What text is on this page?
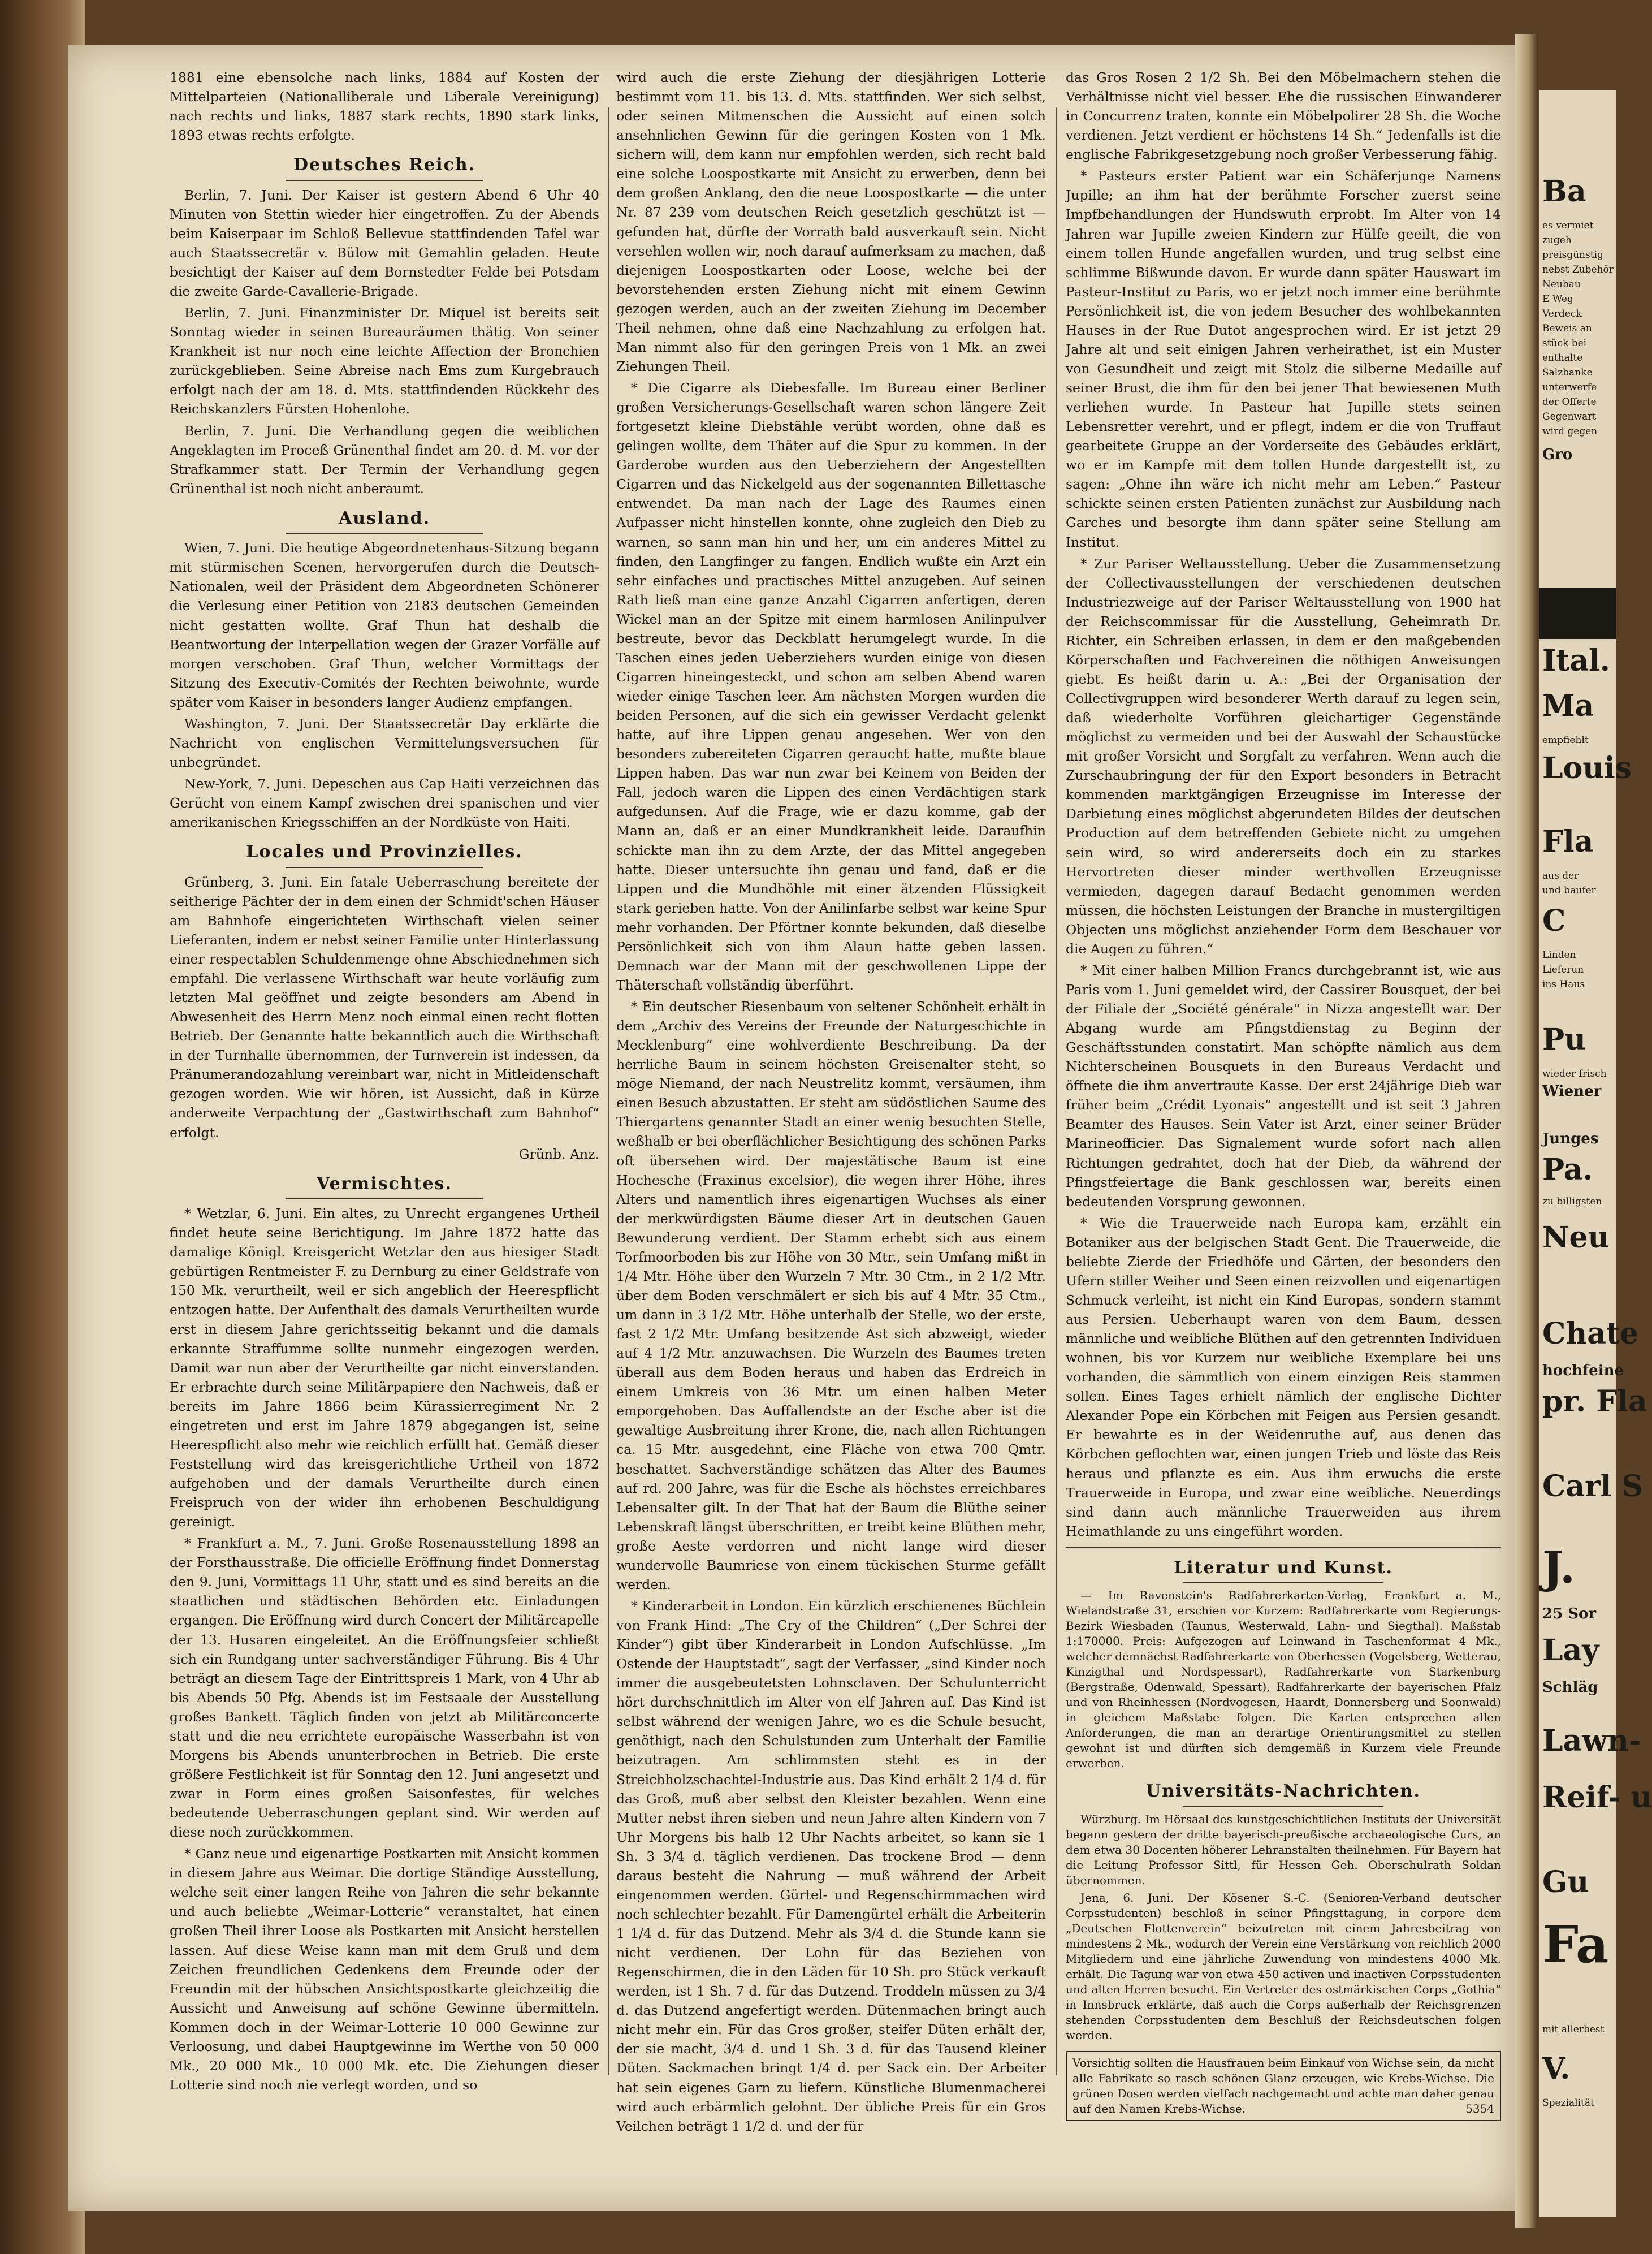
1881 eine ebensolche nach links, 1884 auf Kosten der Mittelparteien (Nationalliberale und Liberale Vereinigung) nach rechts und links, 1887 stark rechts, 1890 stark links, 1893 etwas rechts erfolgte.

Deutsches Reich.

Berlin, 7. Juni. Der Kaiser ist gestern Abend 6 Uhr 40 Minuten von Stettin wieder hier eingetroffen. Zu der Abends beim Kaiserpaar im Schloß Bellevue stattfindenden Tafel war auch Staatssecretär v. Bülow mit Gemahlin geladen. Heute besichtigt der Kaiser auf dem Bornstedter Felde bei Potsdam die zweite Garde-Cavallerie-Brigade.

Berlin, 7. Juni. Finanzminister Dr. Miquel ist bereits seit Sonntag wieder in seinen Bureauräumen thätig. Von seiner Krankheit ist nur noch eine leichte Affection der Bronchien zurückgeblieben. Seine Abreise nach Ems zum Kurgebrauch erfolgt nach der am 18. d. Mts. stattfindenden Rückkehr des Reichskanzlers Fürsten Hohenlohe.

Berlin, 7. Juni. Die Verhandlung gegen die weiblichen Angeklagten im Proceß Grünenthal findet am 20. d. M. vor der Strafkammer statt. Der Termin der Verhandlung gegen Grünenthal ist noch nicht anberaumt.

Ausland.

Wien, 7. Juni. Die heutige Abgeordnetenhaus-Sitzung begann mit stürmischen Scenen, hervorgerufen durch die Deutsch-Nationalen, weil der Präsident dem Abgeordneten Schönerer die Verlesung einer Petition von 2183 deutschen Gemeinden nicht gestatten wollte. Graf Thun hat deshalb die Beantwortung der Interpellation wegen der Grazer Vorfälle auf morgen verschoben. Graf Thun, welcher Vormittags der Sitzung des Executiv-Comités der Rechten beiwohnte, wurde später vom Kaiser in besonders langer Audienz empfangen.

Washington, 7. Juni. Der Staatssecretär Day erklärte die Nachricht von englischen Vermittelungsversuchen für unbegründet.

New-York, 7. Juni. Depeschen aus Cap Haiti verzeichnen das Gerücht von einem Kampf zwischen drei spanischen und vier amerikanischen Kriegsschiffen an der Nordküste von Haiti.

Locales und Provinzielles.

Grünberg, 3. Juni. Ein fatale Ueberraschung bereitete der seitherige Pächter der in dem einen der Schmidt'schen Häuser am Bahnhofe eingerichteten Wirthschaft vielen seiner Lieferanten, indem er nebst seiner Familie unter Hinterlassung einer respectablen Schuldenmenge ohne Abschiednehmen sich empfahl. Die verlassene Wirthschaft war heute vorläufig zum letzten Mal geöffnet und zeigte besonders am Abend in Abwesenheit des Herrn Menz noch einmal einen recht flotten Betrieb. Der Genannte hatte bekanntlich auch die Wirthschaft in der Turnhalle übernommen, der Turnverein ist indessen, da Pränumerandozahlung vereinbart war, nicht in Mitleidenschaft gezogen worden. Wie wir hören, ist Aussicht, daß in Kürze anderweite Verpachtung der „Gastwirthschaft zum Bahnhof“ erfolgt.

Grünb. Anz.

Vermischtes.

* Wetzlar, 6. Juni. Ein altes, zu Unrecht ergangenes Urtheil findet heute seine Berichtigung. Im Jahre 1872 hatte das damalige Königl. Kreisgericht Wetzlar den aus hiesiger Stadt gebürtigen Rentmeister F. zu Dernburg zu einer Geldstrafe von 150 Mk. verurtheilt, weil er sich angeblich der Heerespflicht entzogen hatte. Der Aufenthalt des damals Verurtheilten wurde erst in diesem Jahre gerichtsseitig bekannt und die damals erkannte Straffumme sollte nunmehr eingezogen werden. Damit war nun aber der Verurtheilte gar nicht einverstanden. Er erbrachte durch seine Militärpapiere den Nachweis, daß er bereits im Jahre 1866 beim Kürassierregiment Nr. 2 eingetreten und erst im Jahre 1879 abgegangen ist, seine Heerespflicht also mehr wie reichlich erfüllt hat. Gemäß dieser Feststellung wird das kreisgerichtliche Urtheil von 1872 aufgehoben und der damals Verurtheilte durch einen Freispruch von der wider ihn erhobenen Beschuldigung gereinigt.

* Frankfurt a. M., 7. Juni. Große Rosenausstellung 1898 an der Forsthausstraße. Die officielle Eröffnung findet Donnerstag den 9. Juni, Vormittags 11 Uhr, statt und es sind bereits an die staatlichen und städtischen Behörden etc. Einladungen ergangen. Die Eröffnung wird durch Concert der Militärcapelle der 13. Husaren eingeleitet. An die Eröffnungsfeier schließt sich ein Rundgang unter sachverständiger Führung. Bis 4 Uhr beträgt an diesem Tage der Eintrittspreis 1 Mark, von 4 Uhr ab bis Abends 50 Pfg. Abends ist im Festsaale der Ausstellung großes Bankett. Täglich finden von jetzt ab Militärconcerte statt und die neu errichtete europäische Wasserbahn ist von Morgens bis Abends ununterbrochen in Betrieb. Die erste größere Festlichkeit ist für Sonntag den 12. Juni angesetzt und zwar in Form eines großen Saisonfestes, für welches bedeutende Ueberraschungen geplant sind. Wir werden auf diese noch zurückkommen.

* Ganz neue und eigenartige Postkarten mit Ansicht kommen in diesem Jahre aus Weimar. Die dortige Ständige Ausstellung, welche seit einer langen Reihe von Jahren die sehr bekannte und auch beliebte „Weimar-Lotterie“ veranstaltet, hat einen großen Theil ihrer Loose als Postkarten mit Ansicht herstellen lassen. Auf diese Weise kann man mit dem Gruß und dem Zeichen freundlichen Gedenkens dem Freunde oder der Freundin mit der hübschen Ansichtspostkarte gleichzeitig die Aussicht und Anweisung auf schöne Gewinne übermitteln. Kommen doch in der Weimar-Lotterie 10 000 Gewinne zur Verloosung, und dabei Hauptgewinne im Werthe von 50 000 Mk., 20 000 Mk., 10 000 Mk. etc. Die Ziehungen dieser Lotterie sind noch nie verlegt worden, und so

wird auch die erste Ziehung der diesjährigen Lotterie bestimmt vom 11. bis 13. d. Mts. stattfinden. Wer sich selbst, oder seinen Mitmenschen die Aussicht auf einen solch ansehnlichen Gewinn für die geringen Kosten von 1 Mk. sichern will, dem kann nur empfohlen werden, sich recht bald eine solche Loospostkarte mit Ansicht zu erwerben, denn bei dem großen Anklang, den die neue Loospostkarte — die unter Nr. 87 239 vom deutschen Reich gesetzlich geschützt ist — gefunden hat, dürfte der Vorrath bald ausverkauft sein. Nicht versehlen wollen wir, noch darauf aufmerksam zu machen, daß diejenigen Loospostkarten oder Loose, welche bei der bevorstehenden ersten Ziehung nicht mit einem Gewinn gezogen werden, auch an der zweiten Ziehung im December Theil nehmen, ohne daß eine Nachzahlung zu erfolgen hat. Man nimmt also für den geringen Preis von 1 Mk. an zwei Ziehungen Theil.

* Die Cigarre als Diebesfalle. Im Bureau einer Berliner großen Versicherungs-Gesellschaft waren schon längere Zeit fortgesetzt kleine Diebstähle verübt worden, ohne daß es gelingen wollte, dem Thäter auf die Spur zu kommen. In der Garderobe wurden aus den Ueberziehern der Angestellten Cigarren und das Nickelgeld aus der sogenannten Billettasche entwendet. Da man nach der Lage des Raumes einen Aufpasser nicht hinstellen konnte, ohne zugleich den Dieb zu warnen, so sann man hin und her, um ein anderes Mittel zu finden, den Langfinger zu fangen. Endlich wußte ein Arzt ein sehr einfaches und practisches Mittel anzugeben. Auf seinen Rath ließ man eine ganze Anzahl Cigarren anfertigen, deren Wickel man an der Spitze mit einem harmlosen Anilinpulver bestreute, bevor das Deckblatt herumgelegt wurde. In die Taschen eines jeden Ueberziehers wurden einige von diesen Cigarren hineingesteckt, und schon am selben Abend waren wieder einige Taschen leer. Am nächsten Morgen wurden die beiden Personen, auf die sich ein gewisser Verdacht gelenkt hatte, auf ihre Lippen genau angesehen. Wer von den besonders zubereiteten Cigarren geraucht hatte, mußte blaue Lippen haben. Das war nun zwar bei Keinem von Beiden der Fall, jedoch waren die Lippen des einen Verdächtigen stark aufgedunsen. Auf die Frage, wie er dazu komme, gab der Mann an, daß er an einer Mundkrankheit leide. Daraufhin schickte man ihn zu dem Arzte, der das Mittel angegeben hatte. Dieser untersuchte ihn genau und fand, daß er die Lippen und die Mundhöhle mit einer ätzenden Flüssigkeit stark gerieben hatte. Von der Anilinfarbe selbst war keine Spur mehr vorhanden. Der Pförtner konnte bekunden, daß dieselbe Persönlichkeit sich von ihm Alaun hatte geben lassen. Demnach war der Mann mit der geschwollenen Lippe der Thäterschaft vollständig überführt.

* Ein deutscher Riesenbaum von seltener Schönheit erhält in dem „Archiv des Vereins der Freunde der Naturgeschichte in Mecklenburg“ eine wohlverdiente Beschreibung. Da der herrliche Baum in seinem höchsten Greisenalter steht, so möge Niemand, der nach Neustrelitz kommt, versäumen, ihm einen Besuch abzustatten. Er steht am südöstlichen Saume des Thiergartens genannter Stadt an einer wenig besuchten Stelle, weßhalb er bei oberflächlicher Besichtigung des schönen Parks oft übersehen wird. Der majestätische Baum ist eine Hochesche (Fraxinus excelsior), die wegen ihrer Höhe, ihres Alters und namentlich ihres eigenartigen Wuchses als einer der merkwürdigsten Bäume dieser Art in deutschen Gauen Bewunderung verdient. Der Stamm erhebt sich aus einem Torfmoorboden bis zur Höhe von 30 Mtr., sein Umfang mißt in 1/4 Mtr. Höhe über den Wurzeln 7 Mtr. 30 Ctm., in 2 1/2 Mtr. über dem Boden verschmälert er sich bis auf 4 Mtr. 35 Ctm., um dann in 3 1/2 Mtr. Höhe unterhalb der Stelle, wo der erste, fast 2 1/2 Mtr. Umfang besitzende Ast sich abzweigt, wieder auf 4 1/2 Mtr. anzuwachsen. Die Wurzeln des Baumes treten überall aus dem Boden heraus und haben das Erdreich in einem Umkreis von 36 Mtr. um einen halben Meter emporgehoben. Das Auffallendste an der Esche aber ist die gewaltige Ausbreitung ihrer Krone, die, nach allen Richtungen ca. 15 Mtr. ausgedehnt, eine Fläche von etwa 700 Qmtr. beschattet. Sachverständige schätzen das Alter des Baumes auf rd. 200 Jahre, was für die Esche als höchstes erreichbares Lebensalter gilt. In der That hat der Baum die Blüthe seiner Lebenskraft längst überschritten, er treibt keine Blüthen mehr, große Aeste verdorren und nicht lange wird dieser wundervolle Baumriese von einem tückischen Sturme gefällt werden.

* Kinderarbeit in London. Ein kürzlich erschienenes Büchlein von Frank Hind: „The Cry of the Children“ („Der Schrei der Kinder“) gibt über Kinderarbeit in London Aufschlüsse. „Im Ostende der Hauptstadt“, sagt der Verfasser, „sind Kinder noch immer die ausgebeutetsten Lohnsclaven. Der Schulunterricht hört durchschnittlich im Alter von elf Jahren auf. Das Kind ist selbst während der wenigen Jahre, wo es die Schule besucht, genöthigt, nach den Schulstunden zum Unterhalt der Familie beizutragen. Am schlimmsten steht es in der Streichholzschachtel-Industrie aus. Das Kind erhält 2 1/4 d. für das Groß, muß aber selbst den Kleister bezahlen. Wenn eine Mutter nebst ihren sieben und neun Jahre alten Kindern von 7 Uhr Morgens bis halb 12 Uhr Nachts arbeitet, so kann sie 1 Sh. 3 3/4 d. täglich verdienen. Das trockene Brod — denn daraus besteht die Nahrung — muß während der Arbeit eingenommen werden. Gürtel- und Regenschirmmachen wird noch schlechter bezahlt. Für Damengürtel erhält die Arbeiterin 1 1/4 d. für das Dutzend. Mehr als 3/4 d. die Stunde kann sie nicht verdienen. Der Lohn für das Beziehen von Regenschirmen, die in den Läden für 10 Sh. pro Stück verkauft werden, ist 1 Sh. 7 d. für das Dutzend. Troddeln müssen zu 3/4 d. das Dutzend angefertigt werden. Dütenmachen bringt auch nicht mehr ein. Für das Gros großer, steifer Düten erhält der, der sie macht, 3/4 d. und 1 Sh. 3 d. für das Tausend kleiner Düten. Sackmachen bringt 1/4 d. per Sack ein. Der Arbeiter hat sein eigenes Garn zu liefern. Künstliche Blumenmacherei wird auch erbärmlich gelohnt. Der übliche Preis für ein Gros Veilchen beträgt 1 1/2 d. und der für

das Gros Rosen 2 1/2 Sh. Bei den Möbelmachern stehen die Verhältnisse nicht viel besser. Ehe die russischen Einwanderer in Concurrenz traten, konnte ein Möbelpolirer 28 Sh. die Woche verdienen. Jetzt verdient er höchstens 14 Sh.“ Jedenfalls ist die englische Fabrikgesetzgebung noch großer Verbesserung fähig.

* Pasteurs erster Patient war ein Schäferjunge Namens Jupille; an ihm hat der berühmte Forscher zuerst seine Impfbehandlungen der Hundswuth erprobt. Im Alter von 14 Jahren war Jupille zweien Kindern zur Hülfe geeilt, die von einem tollen Hunde angefallen wurden, und trug selbst eine schlimme Bißwunde davon. Er wurde dann später Hauswart im Pasteur-Institut zu Paris, wo er jetzt noch immer eine berühmte Persönlichkeit ist, die von jedem Besucher des wohlbekannten Hauses in der Rue Dutot angesprochen wird. Er ist jetzt 29 Jahre alt und seit einigen Jahren verheirathet, ist ein Muster von Gesundheit und zeigt mit Stolz die silberne Medaille auf seiner Brust, die ihm für den bei jener That bewiesenen Muth verliehen wurde. In Pasteur hat Jupille stets seinen Lebensretter verehrt, und er pflegt, indem er die von Truffaut gearbeitete Gruppe an der Vorderseite des Gebäudes erklärt, wo er im Kampfe mit dem tollen Hunde dargestellt ist, zu sagen: „Ohne ihn wäre ich nicht mehr am Leben.“ Pasteur schickte seinen ersten Patienten zunächst zur Ausbildung nach Garches und besorgte ihm dann später seine Stellung am Institut.

* Zur Pariser Weltausstellung. Ueber die Zusammensetzung der Collectivausstellungen der verschiedenen deutschen Industriezweige auf der Pariser Weltausstellung von 1900 hat der Reichscommissar für die Ausstellung, Geheimrath Dr. Richter, ein Schreiben erlassen, in dem er den maßgebenden Körperschaften und Fachvereinen die nöthigen Anweisungen giebt. Es heißt darin u. A.: „Bei der Organisation der Collectivgruppen wird besonderer Werth darauf zu legen sein, daß wiederholte Vorführen gleichartiger Gegenstände möglichst zu vermeiden und bei der Auswahl der Schaustücke mit großer Vorsicht und Sorgfalt zu verfahren. Wenn auch die Zurschaubringung der für den Export besonders in Betracht kommenden marktgängigen Erzeugnisse im Interesse der Darbietung eines möglichst abgerundeten Bildes der deutschen Production auf dem betreffenden Gebiete nicht zu umgehen sein wird, so wird andererseits doch ein zu starkes Hervortreten dieser minder werthvollen Erzeugnisse vermieden, dagegen darauf Bedacht genommen werden müssen, die höchsten Leistungen der Branche in mustergiltigen Objecten uns möglichst anziehender Form dem Beschauer vor die Augen zu führen.“

* Mit einer halben Million Francs durchgebrannt ist, wie aus Paris vom 1. Juni gemeldet wird, der Cassirer Bousquet, der bei der Filiale der „Société générale“ in Nizza angestellt war. Der Abgang wurde am Pfingstdienstag zu Beginn der Geschäftsstunden constatirt. Man schöpfte nämlich aus dem Nichterscheinen Bousquets in den Bureaus Verdacht und öffnete die ihm anvertraute Kasse. Der erst 24jährige Dieb war früher beim „Crédit Lyonais“ angestellt und ist seit 3 Jahren Beamter des Hauses. Sein Vater ist Arzt, einer seiner Brüder Marineofficier. Das Signalement wurde sofort nach allen Richtungen gedrahtet, doch hat der Dieb, da während der Pfingstfeiertage die Bank geschlossen war, bereits einen bedeutenden Vorsprung gewonnen.

* Wie die Trauerweide nach Europa kam, erzählt ein Botaniker aus der belgischen Stadt Gent. Die Trauerweide, die beliebte Zierde der Friedhöfe und Gärten, der besonders den Ufern stiller Weiher und Seen einen reizvollen und eigenartigen Schmuck verleiht, ist nicht ein Kind Europas, sondern stammt aus Persien. Ueberhaupt waren von dem Baum, dessen männliche und weibliche Blüthen auf den getrennten Individuen wohnen, bis vor Kurzem nur weibliche Exemplare bei uns vorhanden, die sämmtlich von einem einzigen Reis stammen sollen. Eines Tages erhielt nämlich der englische Dichter Alexander Pope ein Körbchen mit Feigen aus Persien gesandt. Er bewahrte es in der Weidenruthe auf, aus denen das Körbchen geflochten war, einen jungen Trieb und löste das Reis heraus und pflanzte es ein. Aus ihm erwuchs die erste Trauerweide in Europa, und zwar eine weibliche. Neuerdings sind dann auch männliche Trauerweiden aus ihrem Heimathlande zu uns eingeführt worden.

Literatur und Kunst.

— Im Ravenstein's Radfahrerkarten-Verlag, Frankfurt a. M., Wielandstraße 31, erschien vor Kurzem: Radfahrerkarte vom Regierungs-Bezirk Wiesbaden (Taunus, Westerwald, Lahn- und Siegthal). Maßstab 1:170000. Preis: Aufgezogen auf Leinwand in Taschenformat 4 Mk., welcher demnächst Radfahrerkarte von Oberhessen (Vogelsberg, Wetterau, Kinzigthal und Nordspessart), Radfahrerkarte von Starkenburg (Bergstraße, Odenwald, Spessart), Radfahrerkarte der bayerischen Pfalz und von Rheinhessen (Nordvogesen, Haardt, Donnersberg und Soonwald) in gleichem Maßstabe folgen. Die Karten entsprechen allen Anforderungen, die man an derartige Orientirungsmittel zu stellen gewohnt ist und dürften sich demgemäß in Kurzem viele Freunde erwerben.

Universitäts-Nachrichten.

Würzburg. Im Hörsaal des kunstgeschichtlichen Instituts der Universität begann gestern der dritte bayerisch-preußische archaeologische Curs, an dem etwa 30 Docenten höherer Lehranstalten theilnehmen. Für Bayern hat die Leitung Professor Sittl, für Hessen Geh. Oberschulrath Soldan übernommen.

Jena, 6. Juni. Der Kösener S.-C. (Senioren-Verband deutscher Corpsstudenten) beschloß in seiner Pfingsttagung, in corpore dem „Deutschen Flottenverein“ beizutreten mit einem Jahresbeitrag von mindestens 2 Mk., wodurch der Verein eine Verstärkung von reichlich 2000 Mitgliedern und eine jährliche Zuwendung von mindestens 4000 Mk. erhält. Die Tagung war von etwa 450 activen und inactiven Corpsstudenten und alten Herren besucht. Ein Vertreter des ostmärkischen Corps „Gothia“ in Innsbruck erklärte, daß auch die Corps außerhalb der Reichsgrenzen stehenden Corpsstudenten dem Beschluß der Reichsdeutschen folgen werden.

Vorsichtig sollten die Hausfrauen beim Einkauf von Wichse sein, da nicht alle Fabrikate so rasch schönen Glanz erzeugen, wie Krebs-Wichse. Die grünen Dosen werden vielfach nachgemacht und achte man daher genau auf den Namen Krebs-Wichse.	5354
Ba
es vermiet
zugeh
preisgünstig
nebst Zubehör
Neubau
E Weg
Verdeck
Beweis an
stück bei
enthalte
Salzbanke
unterwerfe
der Offerte
Gegenwart
wird gegen
Gro
Ital.
Ma
empfiehlt
Louis
Fla
aus der
und baufer
C
Linden
Lieferun
ins Haus
Pu
wieder frisch
Wiener
Junges
Pa.
zu billigsten
Neu
Chate
hochfeine
pr. Fla
Carl S
J.
25 Sor
Lay
Schläg
Lawn-
Reif- u
Gu
Fa
mit allerbest
V.
Spezialität
